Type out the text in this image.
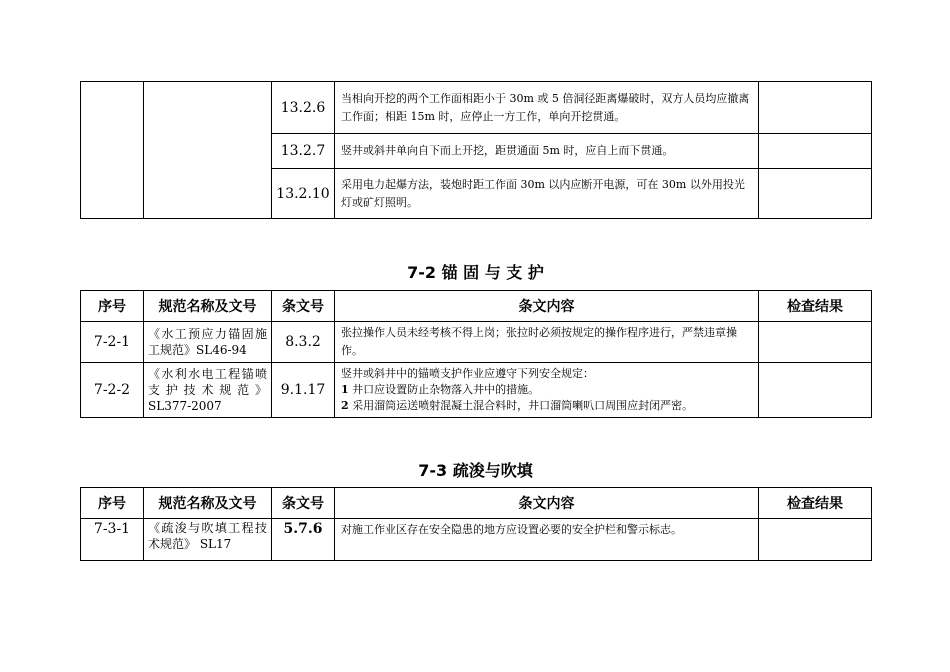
		13.2.6	当相向开挖的两个工作面相距小于 30m 或 5 倍洞径距离爆破时，双方人员均应撤离工作面；相距 15m 时，应停止一方工作，单向开挖贯通。	
		13.2.7	竖井或斜井单向自下而上开挖，距贯通面 5m 时，应自上而下贯通。	
		13.2.10	采用电力起爆方法，装炮时距工作面 30m 以内应断开电源，可在 30m 以外用投光灯或矿灯照明。	
7-2 锚 固 与 支 护
序号	规范名称及文号	条文号	条文内容	检查结果
7-2-1	《水工预应力锚固施工规范》SL46-94	8.3.2	张拉操作人员未经考核不得上岗；张拉时必须按规定的操作程序进行，严禁违章操作。	
7-2-2	《水利水电工程锚喷支护技术规范》SL377-2007	9.1.17	竖井或斜井中的锚喷支护作业应遵守下列安全规定：
1 井口应设置防止杂物落入井中的措施。
2 采用溜筒运送喷射混凝土混合料时，井口溜筒喇叭口周围应封闭严密。	

7-3 疏浚与吹填
序号	规范名称及文号	条文号	条文内容	检查结果
7-3-1	《疏浚与吹填工程技术规范》 SL17	5.7.6	对施工作业区存在安全隐患的地方应设置必要的安全护栏和警示标志。	
